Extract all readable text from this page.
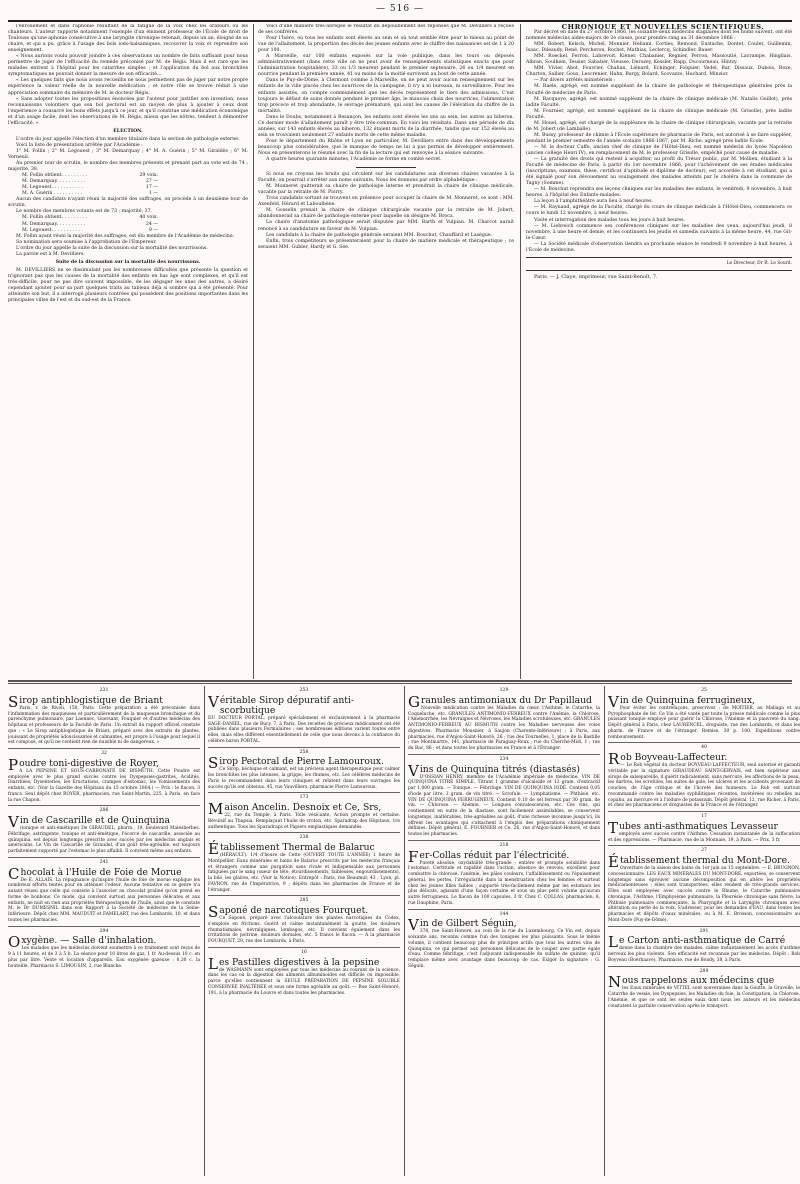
— 516 —

l'enrouement et dans l'aphonie résultant de la fatigue de la voix chez les orateurs ou les chanteurs. L'auteur rapporte notamment l'exemple d'un éminent professeur de l'École de droit de Toulouse qu'une aphonie consécutive à une laryngite chronique retenait, depuis un an, éloigné de sa chaire, et qui a pu, grâce à l'usage des bols iodo-balsamiques, recouvrer la voix et reprendre son enseignement.

« Nous aurions voulu pouvoir joindre à ces observations un nombre de faits suffisant pour nous permettre de juger de l'efficacité du remède préconisé par M. de Régis. Mais il est rare que les malades entrent à l'hôpital pour les catarrhes simples ; et l'application du bol aux bronchites symptomatiques ne pouvait donner la mesure de son efficacité...

« Les quelques faits que nous avons recueillis ne nous permettent pas de juger par notre propre expérience la valeur réelle de la nouvelle médication ; et notre rôle se trouve réduit à une appréciation sommaire du mémoire de M. le docteur Régis.

« Sans adopter toutes les propositions énoncées par l'auteur pour justifier son invention, nous reconnaissons volontiers que son bol pectoral est un moyen de plus à ajouter à ceux dont l'expérience a consacré les bons effets jusqu'à ce jour, et qu'il constitue une médication économique et d'un usage facile, dont les observations de M. Régis, mieux que les nôtres, tendent à démontrer l'efficacité. »

ÉLECTION.

L'ordre du jour appelle l'élection d'un membre titulaire dans la section de pathologie externe.

Voici la liste de présentation arrêtée par l'Académie :

1° M. Follin ; 2° M. Legouest ; 3° M. Demarquay ; 4° M. A. Guérin ; 5° M. Giraldès ; 6° M. Verneuil.

Au premier tour de scrutin, le nombre des membres présents et prenant part au vote est de 74 ; majorité, 38.

M. Follin obtient. . . . . . . . .	29 voix.
M. Demarquay. . . . . . . . . .	27 —
M. Legouest. . . . . . . . . . .	17 —
M. A. Guérin . . . . . . . . . .	1 —

Aucun des candidats n'ayant réuni la majorité des suffrages, on procède à un deuxième tour de scrutin.

Le nombre des membres votants est de 73 ; majorité, 37.

M. Follin obtient. . . . . . . . .	40 voix.
M. Demarquay. . . . . . . . . .	24 —
M. Legouest. . . . . . . . . . .	9 —

M. Follin ayant réuni la majorité des suffrages, est élu membre de l'Académie de médecine.

Sa nomination sera soumise à l'approbation de l'Empereur.

L'ordre du jour appelle la suite de la discussion sur la mortalité des nourrissons.

La parole est à M. Devilliers.

Suite de la discussion sur la mortalité des nourrissons.

M. DEVILLIERS ne se dissimulant pas les nombreuses difficultés que présente la question et n'ignorant pas que les causes de la mortalité des enfants en bas âge sont complexes, et qu'il est très-difficile, pour ne pas dire souvent impossible, de les dégager les unes des autres, a désiré cependant ajouter pour sa part quelques traits au tableau déjà si sombre qui a été présenté. Pour atteindre son but, il a interrogé plusieurs contrées qui possèdent des positions importantes dans les principales villes de l'est et du sud-est de la France.

Voici d'une manière très-abrégée le résultat du dépouillement des réponses que M. Devilliers a reçues de ses confrères.

Pour l'Isère, où tous les enfants sont élevés au sein et où tout semble être pour le mieux au point de vue de l'allaitement, la proportion des décès des jeunes enfants avec le chiffre des naissances est de 1 à 20 pour 100.

A Marseille, sur 100 enfants exposés sur la voie publique, dans les tours ou déposés administrativement (dans cette ville on ne peut avoir de renseignements statistiques exacts que pour l'administration hospitalière), 33 ou 1/3 meurent pendant le premier septenaire, 26 ou 1/4 meurent en nourrice pendant la première année, 41 ou moins de la moitié survivent au bout de cette année.

Dans le Puy-de-Dôme, à Clermont comme à Marseille, on ne peut avoir aucun renseignement sur les enfants de la ville placés chez les nourrices de la campagne, il n'y a ni bureaux, ni surveillance. Pour les enfants assistés, on compte communément que les décès représentent le tiers des admissions. C'est toujours le défaut de soins donnés pendant le premier âge, le mauvais choix des nourrices, l'alimentation trop précoce et trop abondante, le sevrage prématuré, qui sont les causes de l'élévation du chiffre de la mortalité.

Dans le Doubs, notamment à Besançon, les enfants sont élevés les uns au sein, les autres au biberon. Ce dernier mode d'allaitement paraît y être très-commun. En voici les résultats. Dans une période de dix années, sur 143 enfants élevés au biberon, 132 étaient morts de la diarrhée, tandis que sur 152 élevés au sein se trouvaient seulement 27 enfants morts de cette même maladie.

Pour le département du Rhône et Lyon en particulier, M. Devilliers entre dans des développements beaucoup plus considérables, que le manque de temps ne lui a pas permis de développer entièrement. Nous en présenterons le résumé avec la fin de la lecture qui est renvoyée à la séance suivante.

A quatre heures quarante minutes, l'Académie se forme en comité secret.

Si nous en croyons les bruits qui circulent sur les candidatures aux diverses chaires vacantes à la Faculté, on pourrait s'arrêter aux noms suivants. Nous les donnons par ordre alphabétique :

M. Monneret quitterait sa chaire de pathologie interne et prendrait la chaire de clinique médicale, vacante par la retraite de M. Piorry.

Trois candidats sortant se trouvent en présence pour occuper la chaire de M. Monneret, ce sont : MM. Axenfeld, Hérard et Laboulbène.

M. Gosselin prenait la chaire de clinique chirurgicale vacante par la retraite de M. Jobert, abandonnerait sa chaire de pathologie externe pour laquelle on désigne M. Broca.

La chaire d'anatomie pathologique serait disputée par MM. Barth et Vulpian. M. Charcot aurait renoncé à sa candidature en faveur de M. Vulpian.

Les candidats à la chaire de pathologie générale seraient MM. Bouchut, Chauffard et Lasègue.

Enfin, trois compétiteurs se présenteraient pour la chaire de matière médicale et thérapeutique ; ce seraient MM. Gubler, Hardy et G. Sée.

CHRONIQUE ET NOUVELLES SCIENTIFIQUES.

Par décret en date du 27 octobre 1866, les soixante-deux médecins stagiaires dont les noms suivent, ont été nommés médecins aides-majors de 2e classe, pour prendre rang au 31 décembre 1866 :

MM. Robert, Kelsch, Michel, Monnier, Heliami, Corties, Remond, Eustache, Dontet, Coulet, Guillemin, Isaac, Dileaudy, René, Percheron, Rochet, Mathias, Leclercq, Schindler, Bauer.

MM. Roeckel, Ferron, Labrevoit, Kiener, Chabanier, Regnier, Perron, Massoutié, Lacrampe, Hingilais, Albran, Soulhem, Tessier, Sabatier, Vieusse, Derozey, Kessler, Rapp, Ducourneau, Hintzy.

MM. Vivier, Abot, Fouvrier, Chalian, Liénard, Echinger, Folquier, Vedel, Bar, Dissaux, Dubois, Roze, Charton, Sallier, Goux, Lescrenier, Hahn, Bargy, Bolard, Scovazzo, Huchard, Minzior.

— Par divers arrêtés ministériels :

M. Raele, agrégé, est nommé suppléant de la chaire de pathologie et thérapeutique générales près la Faculté de médecine de Paris.

M. Bacquoye, agrégé, est nommé suppléant de la chaire de clinique médicale (M. Natalis Guillot), près ladite Faculté.

M. Fournier, agrégé, est nommé suppléant de la chaire de clinique médicale (M. Grisolle), près ladite Faculté.

M. Houel, agrégé, est chargé de la suppléance de la chaire de clinique chirurgicale, vacante par la retraite de M. Jobert (de Lamballe).

M. Bussy, professeur de chimie à l'École supérieure de pharmacie de Paris, est autorisé à se faire suppléer, pendant le premier semestre de l'année scolaire 1866-1867, par M. Riche, agrégé près ladite École.

— M. le docteur Caffe, ancien chef de clinique de l'Hôtel-Dieu, est nommé médecin du lycée Napoléon (ancien collège Henri IV), en remplacement de M. le professeur Grisolle, empêché pour cause de maladie.

— La gratuité des droits qui restent à acquitter, au profit du Trésor public, par M. Mollien, étudiant à la Faculté de médecine de Paris, à partir du 1er novembre 1866, pour l'achèvement de ses études médicales (inscriptions, examens, thèse, certificat d'aptitude et diplôme de docteur), est accordée à cet étudiant, qui a été signalé pour son dévouement au soulagement des malades atteints par le choléra dans la commune de Tagny (Somme).

— M. Bouchut reprendra ses leçons cliniques sur les maladies des enfants, le vendredi, 9 novembre, à huit heures, à l'hôpital des Enfants-malades.

La leçon à l'amphithéâtre aura lieu à neuf heures.

— M. Raynaud, agrégé de la Faculté, chargé du cours de clinique médicale à l'Hôtel-Dieu, commencera ce cours le lundi 12 novembre, à neuf heures.

Visite et interrogation des malades tous les jours à huit heures.

— M. Liebreich commence ses conférences cliniques sur les maladies des yeux, aujourd'hui jeudi, 8 novembre, à une heure et demie, et les continuera les jeudis et samedis suivants à la même heure, 44, rue Git-le-Cœur.

— La Société médicale d'observation tiendra sa prochaine séance le vendredi 9 novembre à huit heures, à l'École de médecine.

Le Directeur, Dr R. Le Sourd.

Paris. — J. Claye, imprimeur, rue Saint-Benoît, 7.

231

Sirop antiphlogistique de Briant

Paris, r. de Rivoli, 150, Paris. Cette préparation a été préconisée dans l'inflammation des muqueuses et particulièrement de la muqueuse bronchique et du parenchyme pulmonaire, par Laennec, Guersant, Fouquier et d'autres médecins des hôpitaux et professeurs de la Faculté de Paris. Un extrait du rapport officiel constate que : « Le Sirop antiphlogistique de Briant, préparé avec des extraits de plantes, jouissant de propriétés adoucissantes et calmantes, est propre à l'usage pour lequel il est composé, et qu'il ne contient rien de nuisible ni de dangereux. »

32

Poudre toni-digestive de Royer,

A LA PEPSINE ET SOUS-CARBONATE DE BISMUTH. Cette Poudre est employée avec le plus grand succès contre les Dyspepsies-gastrites, Acidités, Diarrhées, Dysenteries, les Éructations, crampes d'estomac, les Vomissements des enfants, etc. (Voir la Gazette des Hôpitaux du 15 octobre 1864.) — Prix : le flacon, 3 francs. Seul dépôt chez ROYER, pharmacien, rue Saint-Martin, 225, à Paris, en face la rue Chapon.

286

Vin de Cascarille et de Quinquina

(tonique et anti-émétique) De GIRAUDEL, pharm., 19, boulevard Malesherbes. Fébrifuge, astringente, tonique et anti-émétique, l'écorce de cascarille, associée au quinquina, est depuis longtemps prescrite avec succès par les médecins anglais et américains. Le Vin de Cascarille de Giraudel, d'un goût très-agréable, est toujours parfaitement supporté par l'estomac le plus affaibli. Il convient même aux enfants.

241

Chocolat à l'Huile de Foie de Morue

De E. ALLAIS. La répugnance qu'inspire l'huile de foie de morue explique les nombreux efforts tentés pour en atténuer l'odeur. Aucune tentative en ce genre n'a autant réussi que celle qui consiste à l'associer au chocolat praliné qu'on prend en forme de bonbons. Ce mode, qui convient surtout aux personnes délicates et aux enfants, ne nuit en rien aux propriétés thérapeutiques de l'huile, ainsi que le constate M. le Dr DUMESNIL dans son Rapport à la Société de médecine de la Seine-Inférieure. Dépôt chez MM. MAUDUIT et FAMELART, rue des Lombards, 10, et dans toutes les pharmacies.

294

Oxygène. — Salle d'inhalation.

Les malades que les médecins doivent soumettre à ce traitement sont reçus de 9 à 11 heures, et de 3 à 5 h. La séance pour 10 litres de gaz, 1 fr. Au-dessus 10 c. en plus par litre. Vente et location d'appareils. Eau oxygénée gazeuse : 0,30 c. la bouteille. Pharmacie S. LIMOUSIN, 2, rue Blanche.

253

Véritable Sirop dépuratif anti-scorbutique

DU DOCTEUR PORTAL, préparé spécialement et exclusivement à la pharmacie SAGE-DANIEL, rue de Bucy, 7, à Paris. Des recettes de précieux médicament ont été publiées dans plusieurs Formulaires ; ses nombreuses éditions varient toutes entre elles, mais elles diffèrent essentiellement de celle que nous devons à la confiance du célèbre baron PORTAL.

258

Sirop Pectoral de Pierre Lamouroux.

Ce Sirop, béchique et calmant, est un précieux agent thérapeutique pour calmer les bronchites les plus intenses, la grippe, les rhumes, etc. Les célèbres médecins de Paris le recommandent dans leurs cliniques et relatent dans leurs ouvrages les succès qu'ils ont obtenus. 45, rue Vauvilliers, pharmacie Pierre Lamouroux.

173

Maison Ancelin. Desnoix et Ce, Srs,

22, rue du Temple, à Paris. Toile vésicante, Action prompte et certaine. Révulsif au Thapsia. Remplaçant l'huile de croton, etc. Sparadrap des Hôpitaux. 1re authentique. Tous les Sparadraps et Papiers emplastiques demandés.

238

Établissement Thermal de Balaruc

(HÉRAULT). 1/4 d'heure de Cette (OUVERT TOUTE L'ANNÉE) 1 heure de Montpellier. Eaux minérales et bains de Balaruc prescrits par les médecins français et étrangers comme une purgation sans rivale et indispensable aux personnes fatiguées par le sang (sueur de tête, étourdissements, faiblesses, engourdissements), la bile, les glaires, etc. (Voir la Notice). Entrepôt : Paris, rue Beaumur, 43 ; Lyon, pl. FAVRON, rue de l'Impératrice, 9 ; dépôts dans les pharmacies de France et de l'étranger.

285

Saponé de narcotiques Fourquet.

Ce Saponé, préparé avec l'alcoolature des plantes narcotiques du Codex, s'emploie en frictions. Guérit et calme instantanément la goutte, les douleurs rhumatismales, névralgiques, lombagos, etc. Il convient également dans les irritations de poitrine, douleurs dorsales, etc. 5 francs le flacon. — A la pharmacie FOURQUET, 29, rue des Lombards, à Paris.

16

Les Pastilles digestives à la pepsine

de WASMANN sont employées par tous les médecins au courant de la science, dans les cas où la digestion des aliments albuminoïdes est difficile ou impossible, parce qu'elles contiennent la SEULE PRÉPARATION DE PEPSINE SOLUBLE CONSERVÉE INALTÉRÉE et sous une forme agréable au goût. — Rue Saint-Honoré, 191, à la pharmacie du Louvre et dans toutes les pharmacies.

129

Granules antimoniaux du Dr Papillaud

Nouvelle médication contre les Maladies du cœur, l'Asthme, le Catarrhe, la Coqueluche, etc. GRANULES ANTIMONIO-FERREUX contre l'Anémie, la Chlorose, l'Aménorrhée, les Névralgies et Névroses, les Maladies scrofuleuses, etc. GRANULES ANTIMONIO-FERREUX AU BISMUTH contre les Maladies nerveuses des voies digestives. Pharmacie Mousnier, à Saujon (Charente-Inférieure) ; à Paris, aux pharmacies, rue d'Anjou-Saint-Honoré, 26 ; rue des Tournelles, 1, place de la Bastille ; rue Montmartre, 141, pharmacie de Paraguay-Roux ; rue du Cherche-Midi, 1 ; rue du Bac, 86 ; et dans toutes les pharmacies en France et à l'Étranger.

234

Vins de Quinquina titrés (diastasés)

D'OSSIAN HENRY, membre de l'Académie impériale de médecine. VIN DE QUINQUINA TITRÉ SIMPLE. Titrant 1 gramme d'alcaloïde et 12 gram. d'extractif par 1,000 gram. — Tonique. — Fébrifuge. VIN DE QUINQUINA IODÉ. Contient 0,05 d'iode par litre, 2 gram. de vin titré. — Scrofule. — Lymphatisme. — Phthisie, etc. VIN DE QUINQUINA FERRUGINEUX. Contient 0,10 de sel ferreux par 30 gram. de vin. — Chlorose. — Anémie. — Longues convalescences, etc. Ces vins, qui contiennent en outre de la diastase, sont facilement assimilables, se conservent longtemps, inaltérables, très-agréables au goût, d'une richesse inconnue jusqu'ici, ils offrent les avantages qui s'attachent à l'emploi des préparations chimiquement définies. Dépôt général, E. FOURNIER et Ce, 26, rue d'Anjou-Saint-Honoré, et dans toutes les pharmacies.

218

Fer-Collas réduit par l'électricité.

Pureté absolue, oxydabilité très-grande ; entière et prompte solubilité dans l'estomac. Certitude et rapidité dans l'action, absence de renvois, excellent pour combattre la chlorose, l'anémie, les pâles couleurs, l'affaiblissement ou l'épuisement général, les pertes, l'irrégularité dans la menstruation chez les femmes et surtout chez les jeunes filles faibles ; supporté très-facilement même par les estomacs les plus délicats, agissant d'une façon certaine et sous un plus petit volume qu'aucun autre ferrugineux. Le flacon de 100 capsules, 3 fr. Chez C. COLLAS, pharmacien, 8, rue Dauphine, Paris.

144

Vin de Gilbert Séguin,

378, rue Saint-Honoré, au coin de la rue du Luxembourg. Ce Vin est, depuis soixante ans, reconnu comme l'un des toniques les plus puissants. Sous le même volume, il contient beaucoup plus de principes actifs que tous les autres vins de Quinquina, ce qui permet aux personnes délicates de le couper avec partie égale d'eau. Comme fébrifuge, c'est l'adjuvant indispensable du sulfate de quinine, qu'il remplace même avec avantage dans beaucoup de cas. Exiger la signature : G. Séguin.

25

Vin de Quinquina ferrugineux,

Pour éviter les contrefaçons, prescrivez : de MOITIER, au Maliaga et au Pyrophosphate de fer. Ce Vin a été vanté par toute la presse médicale comme le plus puissant tonique employé pour guérir la Chlorose, l'Anémie et la pauvreté du sang. Dépôt général à Paris, chez LAURENCEL, droguiste, rue des Lombards, et dans les pharm. de France et de l'étranger. Remise, 30 p. 100. Expéditions contre remboursement.

40

Rob Boyveau-Laffecteur.

— Le Rob végétal du docteur BOYVEAU-LAFFECTEUR, seul autorisé et garanti véritable par la signature GIRAUDEAU SAINT-GERVAIS, est bien supérieur aux sirops de salsepareille, il guérit radicalement, sans mercure, les affections de la peau, les dartres, les scrofules, les suites de gale, les ulcères et les accidents provenant de couches, de l'âge critique et de l'âcreté des humeurs. Le Rob est surtout recommandé contre les maladies syphilitiques récentes, invétérées ou rebelles au copahu, au mercure et à l'iodure de potassium. Dépôt général, 12, rue Richer, à Paris, et chez les pharmaciens et droguistes de la France et de l'étranger.

17

Tubes anti-asthmatiques Levasseur

employés avec succès contre l'Asthme. Cessation instantanée de la suffocation et des oppressions. — Pharmacie, rue de la Monnaie, 19, à Paris. — Prix, 3 fr.

27

Établissement thermal du Mont-Dore.

Ouverture de la saison des bains du 1er juin au 15 septembre. — E. BRUGNON, concessionnaire. LES EAUX MINÉRALES DU MONT-DORE, exportées, se conservent longtemps sans éprouver aucune décomposition qui en altère les propriétés médicamenteuses ; elles sont transportées, elles rendent de très-grands services. Elles sont employées avec succès contre le Rhume, le Catarrhe pulmonaire chronique, l'Asthme, l'Emphysème pulmonaire, la Pleurésie chronique sans fièvre, la Phthisie pulmonaire commençante, la Pharyngite et la Laryngite chroniques avec altération ou perte de la voix. S'adresser, pour les demandes d'EAU, dans toutes les pharmacies et dépôts d'eaux minérales, ou à M. E. Brosson, concessionnaire au Mont-Dore (Puy-de-Dôme).

291

Le Carton anti-asthmatique de Carré

donne dans la chambre des malades, calme instantanément les accès d'asthme nerveux les plus violents. Son efficacité est reconnue par les médecins. Dépôt : Rob Boyveau (Boerhaave), Pharmacie, rue de Bondy, 38, à Paris.

289

Nous rappelons aux médecins que

les Eaux minérales de VITTEL sont souveraines dans la Goutte, la Gravelle, le Catarrhe de vessie, les Dyspepsies, les Maladies du foie, la Constipation, la Chlorose, l'Anémie, et que ce sont les seules eaux dont nous les auteurs et les médecins constatent la parfaite conservation après le transport.
